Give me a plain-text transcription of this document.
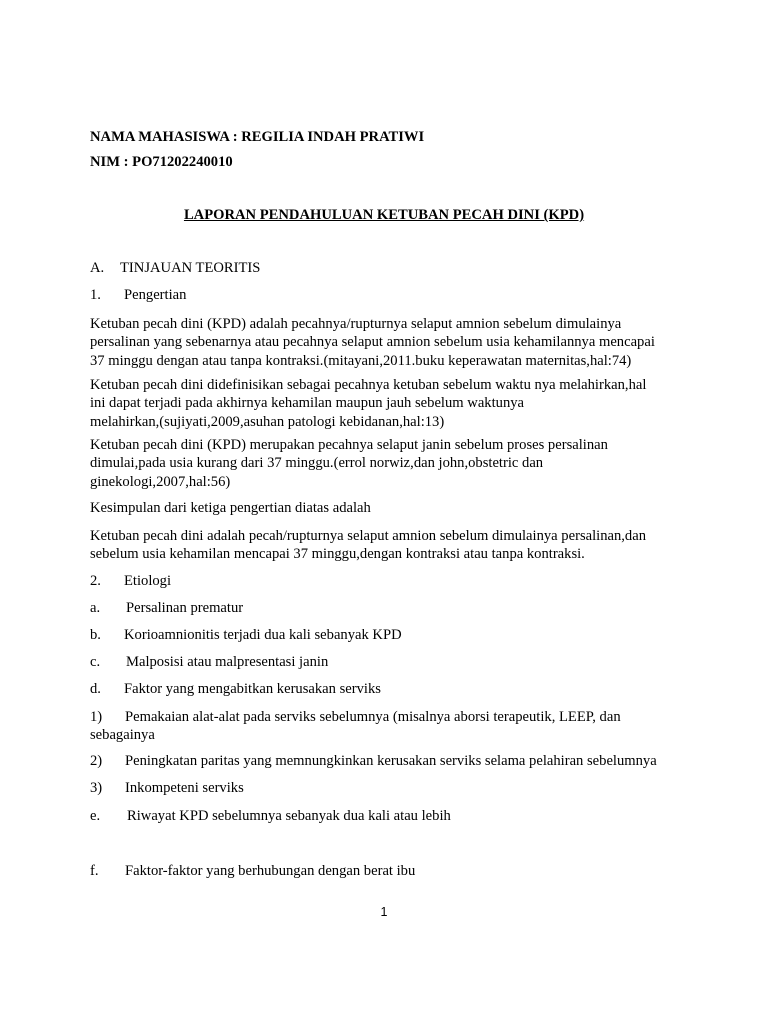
NAMA MAHASISWA : REGILIA INDAH PRATIWI
NIM : PO71202240010
LAPORAN PENDAHULUAN KETUBAN PECAH DINI (KPD)
A. TINJAUAN TEORITIS
1. Pengertian
Ketuban pecah dini (KPD) adalah pecahnya/rupturnya selaput amnion sebelum dimulainya
persalinan yang sebenarnya atau pecahnya selaput amnion sebelum usia kehamilannya mencapai
37 minggu dengan atau tanpa kontraksi.(mitayani,2011.buku keperawatan maternitas,hal:74)
Ketuban pecah dini didefinisikan sebagai pecahnya ketuban sebelum waktu nya melahirkan,hal
ini dapat terjadi pada akhirnya kehamilan maupun jauh sebelum waktunya
melahirkan,(sujiyati,2009,asuhan patologi kebidanan,hal:13)
Ketuban pecah dini (KPD) merupakan pecahnya selaput janin sebelum proses persalinan
dimulai,pada usia kurang dari 37 minggu.(errol norwiz,dan john,obstetric dan
ginekologi,2007,hal:56)
Kesimpulan dari ketiga pengertian diatas adalah
Ketuban pecah dini adalah pecah/rupturnya selaput amnion sebelum dimulainya persalinan,dan
sebelum usia kehamilan mencapai 37 minggu,dengan kontraksi atau tanpa kontraksi.
2. Etiologi
a. Persalinan prematur
b. Korioamnionitis terjadi dua kali sebanyak KPD
c. Malposisi atau malpresentasi janin
d. Faktor yang mengabitkan kerusakan serviks
1) Pemakaian alat-alat pada serviks sebelumnya (misalnya aborsi terapeutik, LEEP, dan
sebagainya
2) Peningkatan paritas yang memnungkinkan kerusakan serviks selama pelahiran sebelumnya
3) Inkompeteni serviks
e. Riwayat KPD sebelumnya sebanyak dua kali atau lebih
f. Faktor-faktor yang berhubungan dengan berat ibu
1
